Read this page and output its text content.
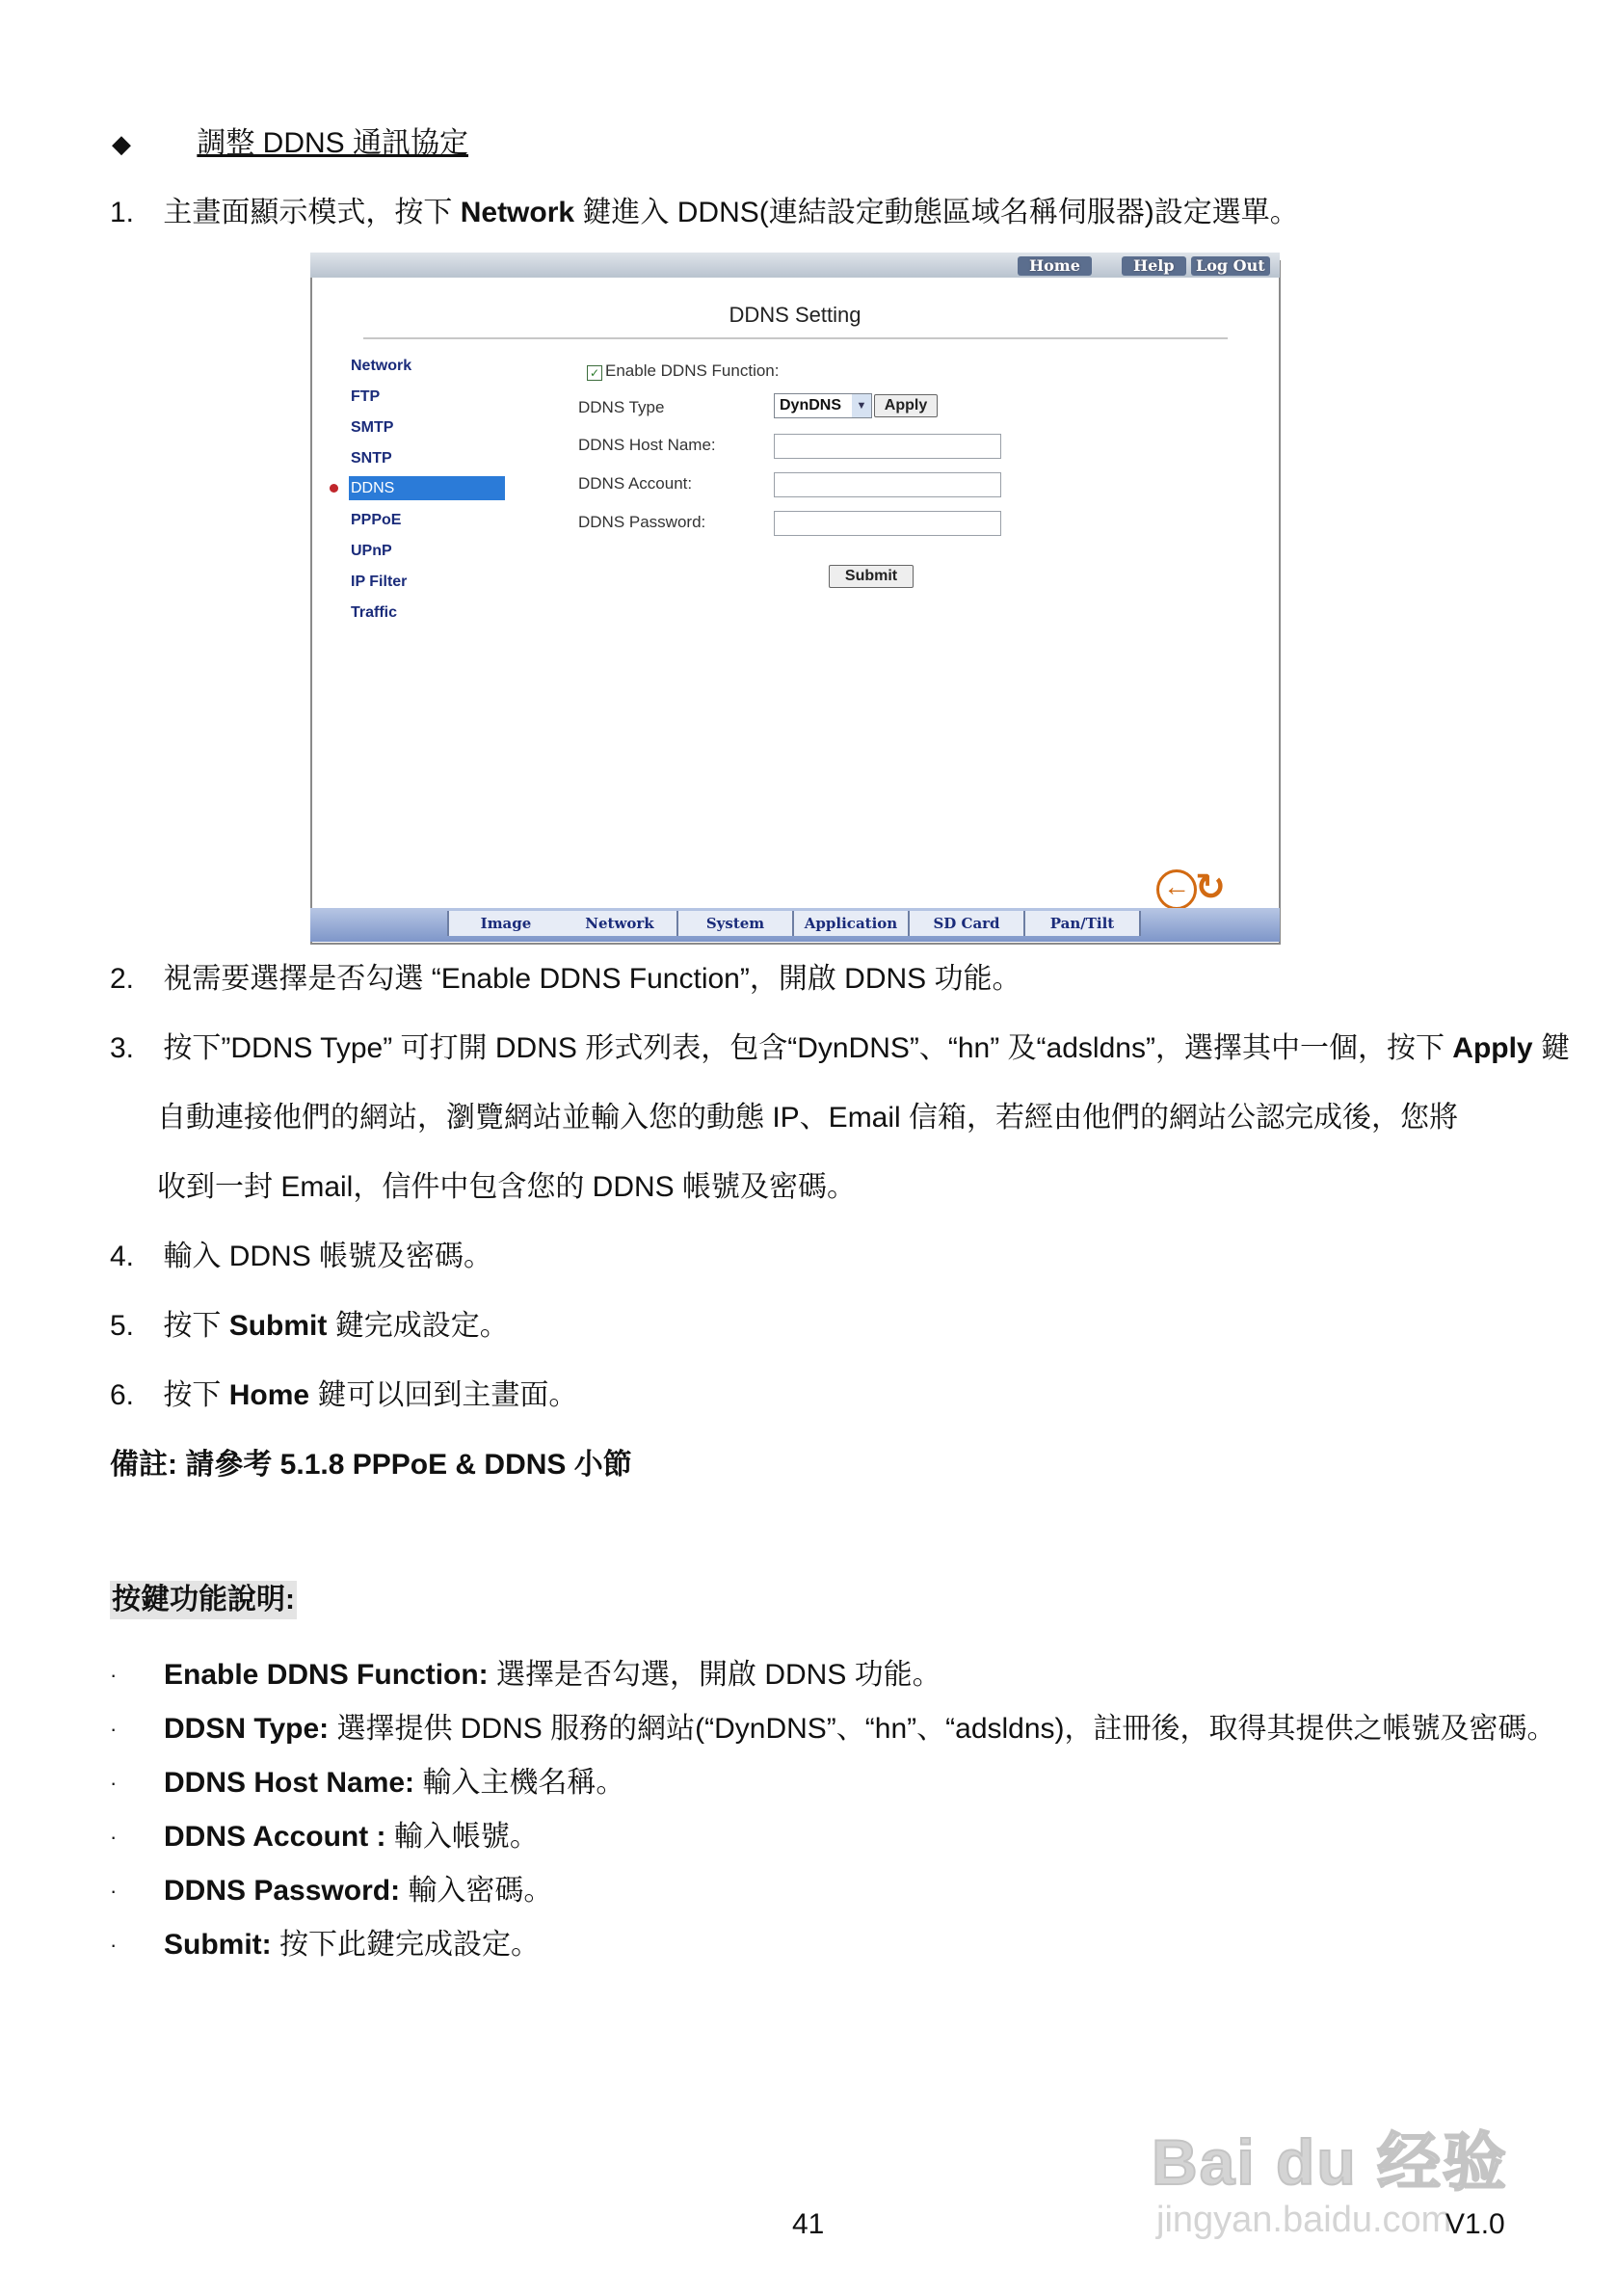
◆ 調整 DDNS 通訊協定
1. 主畫面顯示模式，按下 Network 鍵進入 DDNS(連結設定動態區域名稱伺服器)設定選單。
Home	Help	Log Out
DDNS Setting
Network
FTP
SMTP
SNTP
DDNS
PPPoE
UPnP
IP Filter
Traffic
✓ Enable DDNS Function:
DDNS Type	DynDNS	▼	Apply
DDNS Host Name:
DDNS Account:
DDNS Password:
Submit
← ↻
Image	Network	System	Application	SD Card	Pan/Tilt
2. 視需要選擇是否勾選 “Enable DDNS Function”，開啟 DDNS 功能。
3. 按下”DDNS Type” 可打開 DDNS 形式列表，包含“DynDNS”、“hn” 及“adsldns”，選擇其中一個，按下 Apply 鍵
自動連接他們的網站，瀏覽網站並輸入您的動態 IP、Email 信箱，若經由他們的網站公認完成後，您將
收到一封 Email，信件中包含您的 DDNS 帳號及密碼。
4. 輸入 DDNS 帳號及密碼。
5. 按下 Submit 鍵完成設定。
6. 按下 Home 鍵可以回到主畫面。
備註: 請參考 5.1.8 PPPoE & DDNS 小節
按鍵功能說明:
· Enable DDNS Function: 選擇是否勾選，開啟 DDNS 功能。
· DDSN Type: 選擇提供 DDNS 服務的網站(“DynDNS”、“hn”、“adsldns)，註冊後，取得其提供之帳號及密碼。
· DDNS Host Name: 輸入主機名稱。
· DDNS Account : 輸入帳號。
· DDNS Password: 輸入密碼。
· Submit: 按下此鍵完成設定。
Bai du 经验
jingyan.baidu.com
41	V1.0
